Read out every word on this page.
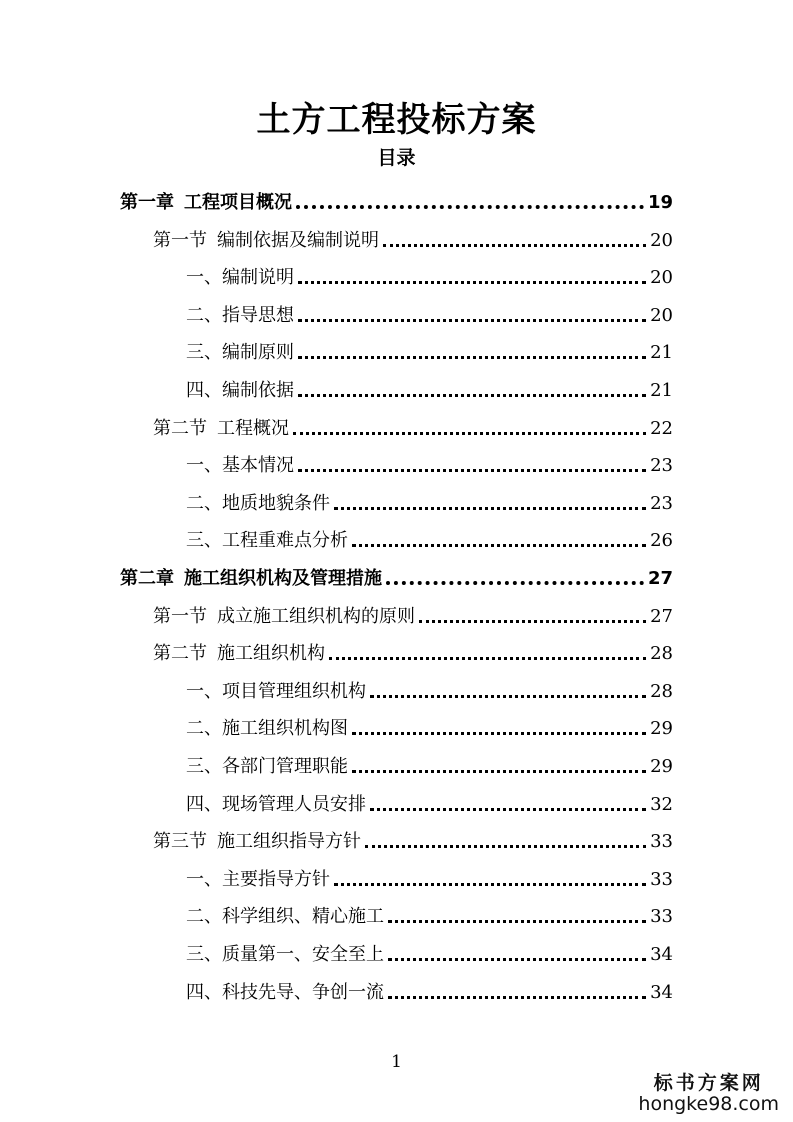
土方工程投标方案
目录
第一章 工程项目概况	19
第一节 编制依据及编制说明	20
一、编制说明	20
二、指导思想	20
三、编制原则	21
四、编制依据	21
第二节 工程概况	22
一、基本情况	23
二、地质地貌条件	23
三、工程重难点分析	26
第二章 施工组织机构及管理措施	27
第一节 成立施工组织机构的原则	27
第二节 施工组织机构	28
一、项目管理组织机构	28
二、施工组织机构图	29
三、各部门管理职能	29
四、现场管理人员安排	32
第三节 施工组织指导方针	33
一、主要指导方针	33
二、科学组织、精心施工	33
三、质量第一、安全至上	34
四、科技先导、争创一流	34
1
标书方案网
hongke98.com
